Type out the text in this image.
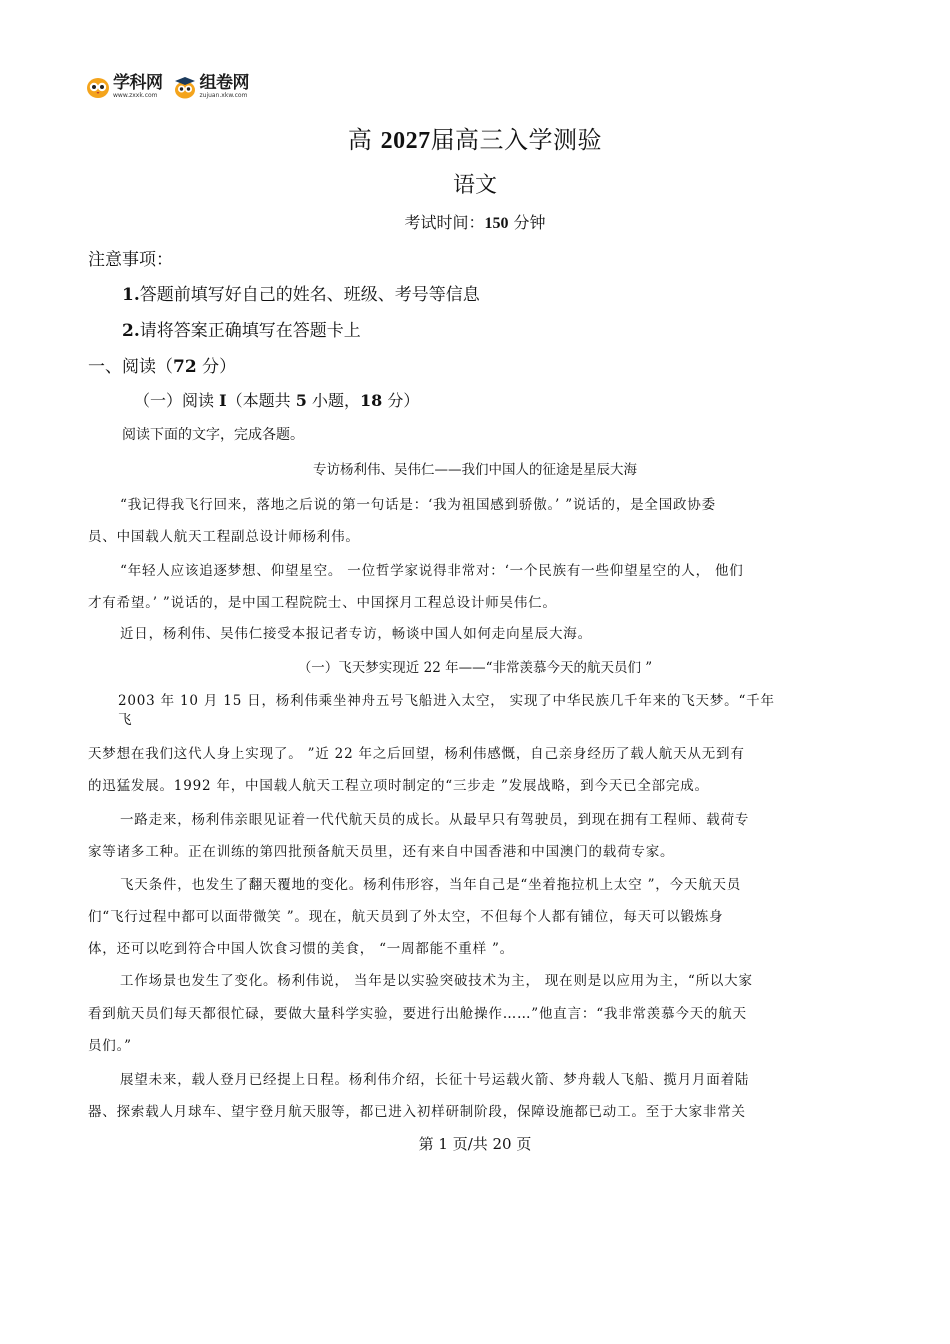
学科网
www.zxxk.com
组卷网
zujuan.xkw.com
高 2027届高三入学测验
语文
考试时间：150 分钟
注意事项：
1.答题前填写好自己的姓名、班级、考号等信息
2.请将答案正确填写在答题卡上
一、阅读（72 分）
（一）阅读 I（本题共 5 小题，18 分）
阅读下面的文字，完成各题。
专访杨利伟、吴伟仁——我们中国人的征途是星辰大海
“我记得我飞行回来，落地之后说的第一句话是：‘我为祖国感到骄傲。’ ”说话的，是全国政协委
员、中国载人航天工程副总设计师杨利伟。
“年轻人应该追逐梦想、仰望星空。 一位哲学家说得非常对：‘一个民族有一些仰望星空的人， 他们
才有希望。’ ”说话的，是中国工程院院士、中国探月工程总设计师吴伟仁。
近日，杨利伟、吴伟仁接受本报记者专访，畅谈中国人如何走向星辰大海。
（一）飞天梦实现近 22 年——“非常羡慕今天的航天员们 ”
2003 年 10 月 15 日，杨利伟乘坐神舟五号飞船进入太空， 实现了中华民族几千年来的飞天梦。“千年
飞
天梦想在我们这代人身上实现了。 ”近 22 年之后回望，杨利伟感慨，自己亲身经历了载人航天从无到有
的迅猛发展。1992 年，中国载人航天工程立项时制定的“三步走 ”发展战略，到今天已全部完成。
一路走来，杨利伟亲眼见证着一代代航天员的成长。从最早只有驾驶员，到现在拥有工程师、载荷专
家等诸多工种。正在训练的第四批预备航天员里，还有来自中国香港和中国澳门的载荷专家。
飞天条件，也发生了翻天覆地的变化。杨利伟形容，当年自己是“坐着拖拉机上太空 ”，今天航天员
们“飞行过程中都可以面带微笑 ”。现在，航天员到了外太空，不但每个人都有铺位，每天可以锻炼身
体，还可以吃到符合中国人饮食习惯的美食， “一周都能不重样 ”。
工作场景也发生了变化。杨利伟说， 当年是以实验突破技术为主， 现在则是以应用为主，“所以大家
看到航天员们每天都很忙碌，要做大量科学实验，要进行出舱操作……”他直言：“我非常羡慕今天的航天
员们。”
展望未来，载人登月已经提上日程。杨利伟介绍，长征十号运载火箭、梦舟载人飞船、揽月月面着陆
器、探索载人月球车、望宇登月航天服等，都已进入初样研制阶段，保障设施都已动工。至于大家非常关
第 1 页/共 20 页
